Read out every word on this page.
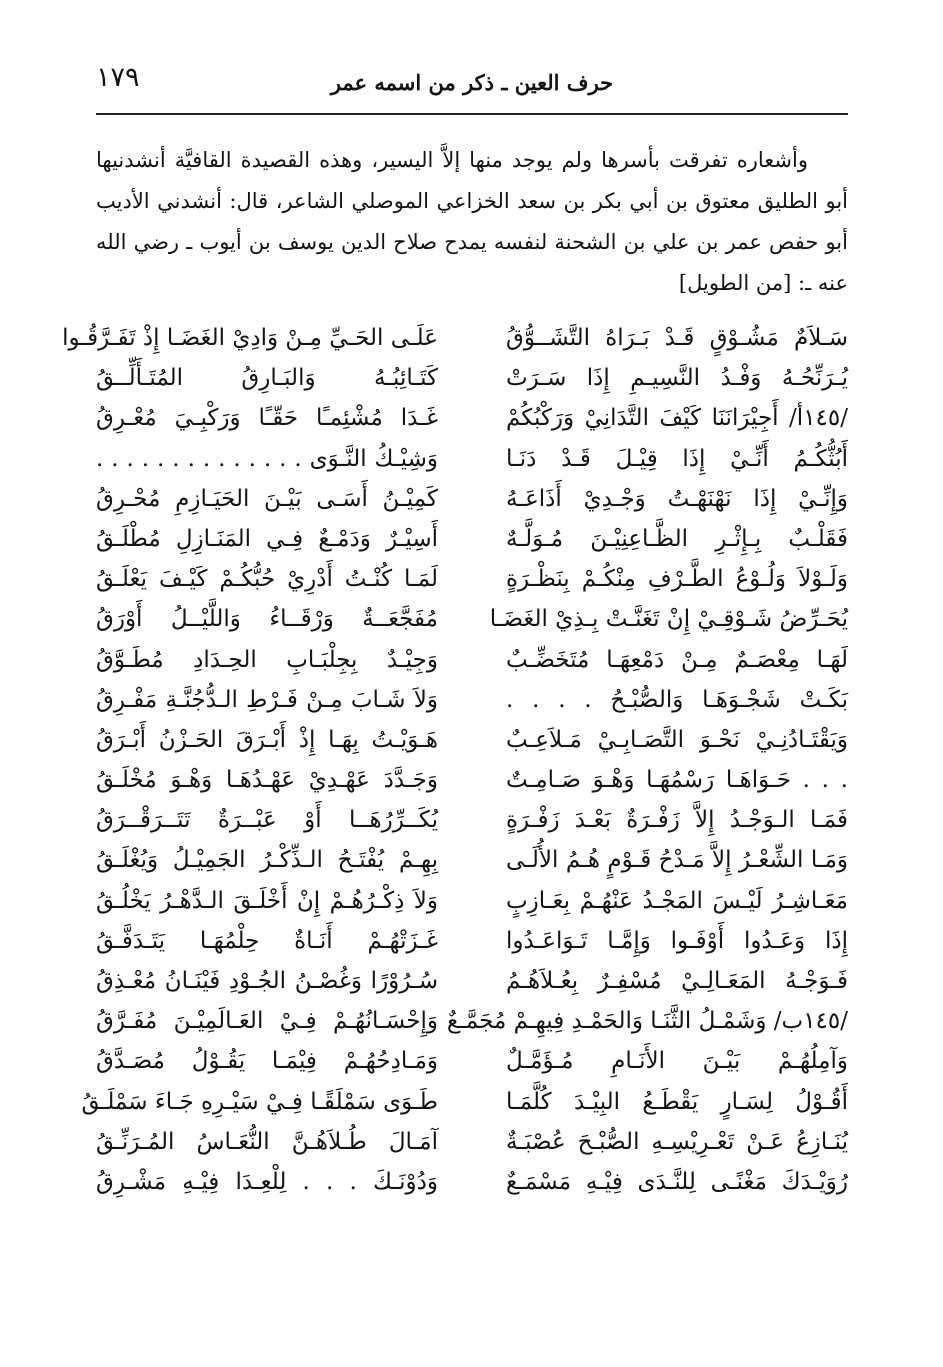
١٧٩	حرف العين ـ ذكر من اسمه عمر

وأشعاره تفرقت بأسرها ولم يوجد منها إلاَّ اليسير، وهذه القصيدة القافيَّة أنشدنيها أبو الطليق معتوق بن أبي بكر بن سعد الخزاعي الموصلي الشاعر، قال: أنشدني الأديب أبو حفص عمر بن علي بن الشحنة لنفسه يمدح صلاح الدين يوسف بن أيوب ـ رضي الله عنه ـ: [من الطويل]

سَـلاَمٌ مَشُـوْقٍ قَـدْ بَـرَاهُ التَّشَــوُّقُ
عَلَـى الحَـيِّ مِـنْ وَادِيْ الغَضَـا إِذْ تَفَـرَّقُـوا
يُـرَنِّحُـهُ وَفْـدُ النَّسِيـمِ إِذَا سَـرَتْ
كَتَـائِبُـهُ وَالبَـارِقُ المُتَـأَلِّــقُ
/١٤٥أ/ أَجِيْرَانَنَا كَيْفَ التَّدَانِيْ وَرَكْبُكُمْ
غَـدَا مُشْئِمـًا حَقّـًا وَرَكْبِـيَ مُعْـرِقُ
أَبُثُّكُـمُ أَنِّـيْ إِذَا قِيْـلَ قَـدْ دَنَـا
وَشِيْـكُ النَّـوَى . . . . . . . . . . . . . .
وَإِنِّـيْ إِذَا نَهْنَهْـتُ وَجْـدِيْ أَذَاعَـهُ
كَمِيْـنُ أَسَـى بَيْـنَ الحَيَـازِمِ مُحْـرِقُ
فَقَلْـبٌ بِـإِثْـرِ الظَّـاعِنِيْـنَ مُـوَلَّـهٌ
أَسِيْـرٌ وَدَمْـعٌ فِـي المَنَـازِلِ مُطْلَـقُ
وَلَـوْلاَ وَلُـوْعُ الطَّـرْفِ مِنْكُـمْ بِنَظْـرَةٍ
لَمَـا كُنْـتُ أَدْرِيْ حُبُّكُـمْ كَيْـفَ يَعْلَـقُ
يُحَـرِّضُ شَـوْقِـيْ إِنْ تَغَنَّـتْ بِـذِيْ الغَضَـا
مُفَجَّعَــةٌ وَرْقَــاءُ وَاللَّيْــلُ أَوْرَقُ
لَهَـا مِعْصَـمٌ مِـنْ دَمْعِهَـا مُتَخَضِّـبٌ
وَجِيْـدٌ بِجِلْبَـابِ الحِـدَادِ مُطَـوَّقُ
بَكَـتْ شَجْـوَهَـا وَالصُّبْـحُ . . . .
وَلاَ شَـابَ مِـنْ فَـرْطِ الـدُّجُنَّـةِ مَفْـرِقُ
وَيَقْتَـادُنِـيْ نَحْـوَ التَّصَـابِـيْ مَـلاَعِـبٌ
هَـوَيْـتُ بِهَـا إِذْ أَبْـرَقَ الحَـزْنُ أَبْـرَقُ
. . . حَـوَاهَـا رَسْمُهَـا وَهْـوَ صَـامِـتٌ
وَجَـدَّدَ عَهْـدِيْ عَهْـدُهَـا وَهْـوَ مُخْلَـقُ
فَمَـا الـوَجْـدُ إِلاَّ زَفْـرَةٌ بَعْـدَ زَفْـرَةٍ
يُكَــرِّرُهَــا أَوْ عَبْــرَةٌ تَتَــرَقْــرَقُ
وَمَـا الشِّعْـرُ إِلاَّ مَـدْحُ قَـوْمٍ هُـمُ الأُلَـى
بِهِـمْ يُفْتَـحُ الـذِّكْـرُ الجَمِيْـلُ وَيُغْلَـقُ
مَعَـاشِـرُ لَيْـسَ المَجْـدُ عَنْهُـمْ بِعَـازِبٍ
وَلاَ ذِكْـرُهُـمْ إِنْ أَخْلَـقَ الـدَّهْـرُ يَخْلُـقُ
إِذَا وَعَـدُوا أَوْفَـوا وَإِمَّـا تَـوَاعَـدُوا
غَـزَتْهُـمْ أَنَـاةٌ حِلْمُهَـا يَتَـدَفَّـقُ
فَـوَجْـهُ المَعَـالِـيْ مُسْفِـرٌ بِعُـلاَهُـمُ
سُـرُوْرًا وَغُصْـنُ الجُـوْدِ فَيْنَـانُ مُعْـذِقُ
/١٤٥ب/ وَشَمْـلُ الثَّنَـا وَالحَمْـدِ فِيهِـمْ مُجَمَّـعٌ
وَإِحْسَـانُهُـمْ فِـيْ العَـالَمِيْـنَ مُفَـرَّقُ
وَآمِلُهُـمْ بَيْـنَ الأَنَـامِ مُـؤَمَّـلٌ
وَمَـادِحُهُـمْ فِيْمَـا يَقُـوْلُ مُصَـدَّقُ
أَقُـوْلُ لِسَـارٍ يَقْطَـعُ البِيْـدَ كُلَّمَـا
طَـوَى سَمْلَقًـا فِـيْ سَيْـرِهِ جَـاءَ سَمْلَـقُ
يُنَـازِعُ عَـنْ تَعْـرِيْسِـهِ الصُّبْـحَ عُصْبَـةٌ
آمَـالَ طُـلاَهُـنَّ النُّعَـاسُ المُـرَنِّـقُ
رُوَيْـدَكَ مَغْنًـى لِلنَّـدَى فِيْـهِ مَسْمَـعٌ
وَدُوْنَـكَ . . . لِلْعِـدَا فِيْـهِ مَشْـرِقُ
